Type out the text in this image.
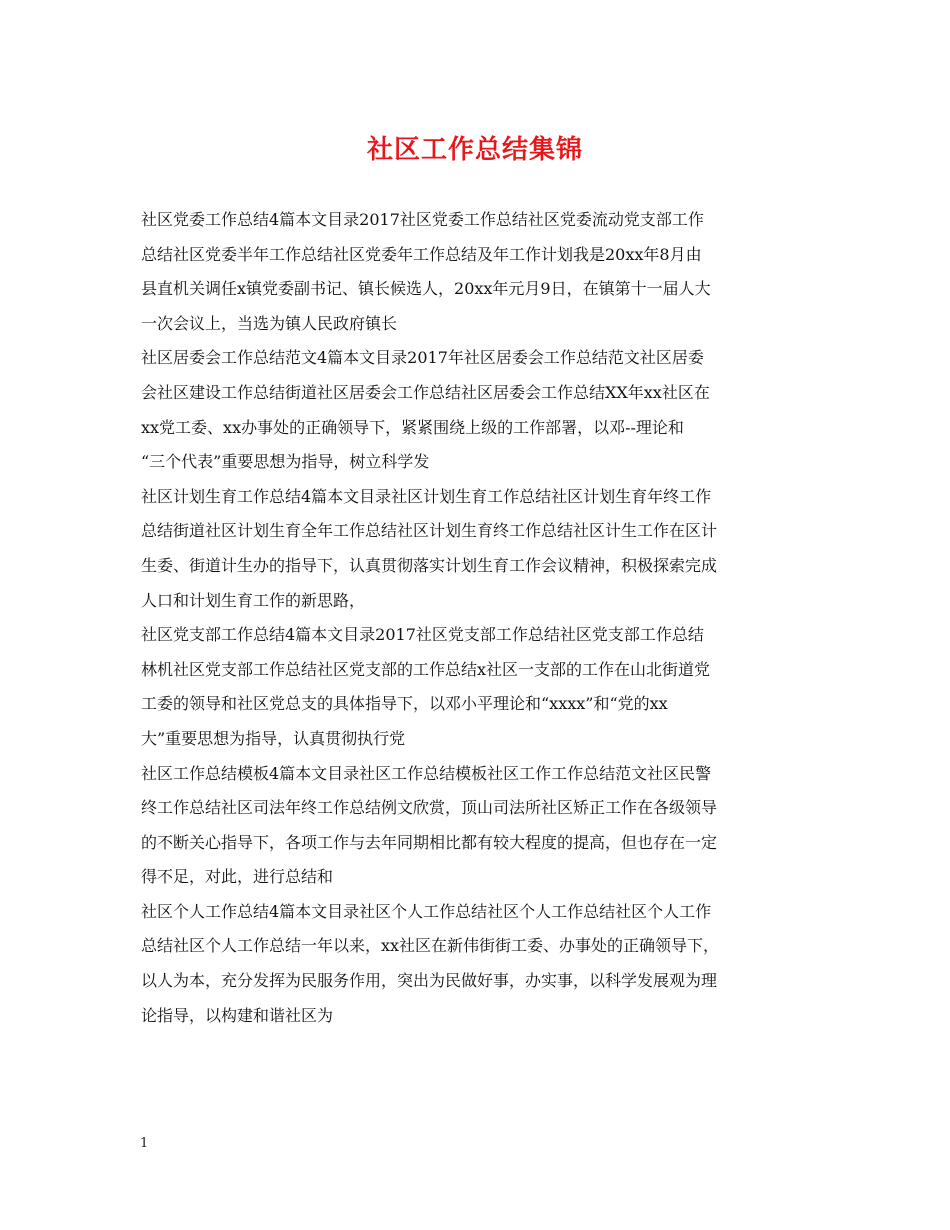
社区工作总结集锦
社区党委工作总结4篇本文目录2017社区党委工作总结社区党委流动党支部工作
总结社区党委半年工作总结社区党委年工作总结及年工作计划我是20xx年8月由
县直机关调任x镇党委副书记、镇长候选人，20xx年元月9日，在镇第十一届人大
一次会议上，当选为镇人民政府镇长
社区居委会工作总结范文4篇本文目录2017年社区居委会工作总结范文社区居委
会社区建设工作总结街道社区居委会工作总结社区居委会工作总结XX年xx社区在
xx党工委、xx办事处的正确领导下，紧紧围绕上级的工作部署，以邓--理论和
“三个代表”重要思想为指导，树立科学发
社区计划生育工作总结4篇本文目录社区计划生育工作总结社区计划生育年终工作
总结街道社区计划生育全年工作总结社区计划生育终工作总结社区计生工作在区计
生委、街道计生办的指导下，认真贯彻落实计划生育工作会议精神，积极探索完成
人口和计划生育工作的新思路，
社区党支部工作总结4篇本文目录2017社区党支部工作总结社区党支部工作总结
林机社区党支部工作总结社区党支部的工作总结x社区一支部的工作在山北街道党
工委的领导和社区党总支的具体指导下，以邓小平理论和“xxxx”和“党的xx
大”重要思想为指导，认真贯彻执行党
社区工作总结模板4篇本文目录社区工作总结模板社区工作工作总结范文社区民警
终工作总结社区司法年终工作总结例文欣赏，顶山司法所社区矫正工作在各级领导
的不断关心指导下，各项工作与去年同期相比都有较大程度的提高，但也存在一定
得不足，对此，进行总结和
社区个人工作总结4篇本文目录社区个人工作总结社区个人工作总结社区个人工作
总结社区个人工作总结一年以来，xx社区在新伟街街工委、办事处的正确领导下，
以人为本，充分发挥为民服务作用，突出为民做好事，办实事，以科学发展观为理
论指导，以构建和谐社区为
1
